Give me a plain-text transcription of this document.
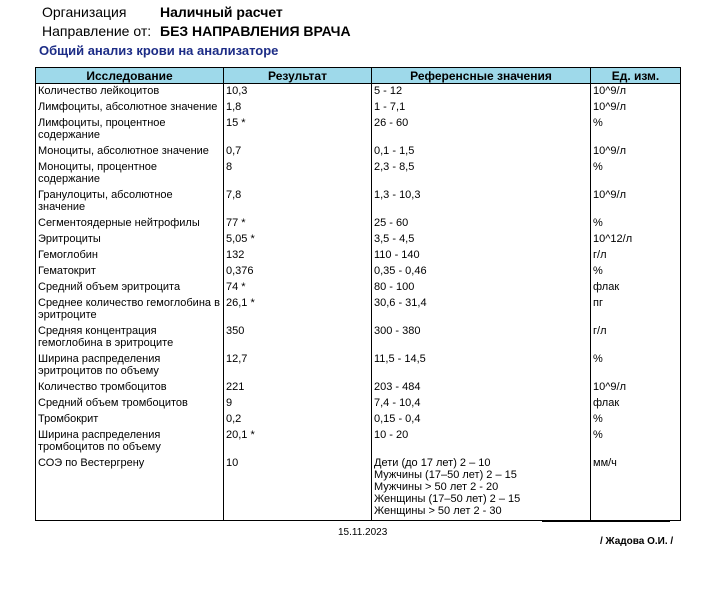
Организация Наличный расчет
Направление от: БЕЗ НАПРАВЛЕНИЯ ВРАЧА
Общий анализ крови на анализаторе
Исследование	Результат	Референсные значения	Ед. изм.
Количество лейкоцитов	10,3	5 - 12	10^9/л
Лимфоциты, абсолютное значение	1,8	1 - 7,1	10^9/л
Лимфоциты, процентное содержание	15 *	26 - 60	%
Моноциты, абсолютное значение	0,7	0,1 - 1,5	10^9/л
Моноциты, процентное содержание	8	2,3 - 8,5	%
Гранулоциты, абсолютное значение	7,8	1,3 - 10,3	10^9/л
Сегментоядерные нейтрофилы	77 *	25 - 60	%
Эритроциты	5,05 *	3,5 - 4,5	10^12/л
Гемоглобин	132	110 - 140	г/л
Гематокрит	0,376	0,35 - 0,46	%
Средний объем эритроцита	74 *	80 - 100	флак
Среднее количество гемоглобина в эритроците	26,1 *	30,6 - 31,4	пг
Средняя концентрация гемоглобина в эритроците	350	300 - 380	г/л
Ширина распределения эритроцитов по объему	12,7	11,5 - 14,5	%
Количество тромбоцитов	221	203 - 484	10^9/л
Средний объем тромбоцитов	9	7,4 - 10,4	флак
Тромбокрит	0,2	0,15 - 0,4	%
Ширина распределения тромбоцитов по объему	20,1 *	10 - 20	%
СОЭ по Вестергрену	10	Дети (до 17 лет) 2 – 10
Мужчины (17–50 лет) 2 – 15
Мужчины > 50 лет 2 - 20
Женщины (17–50 лет) 2 – 15
Женщины > 50 лет 2 - 30	мм/ч
15.11.2023
/ Жадова О.И. /
